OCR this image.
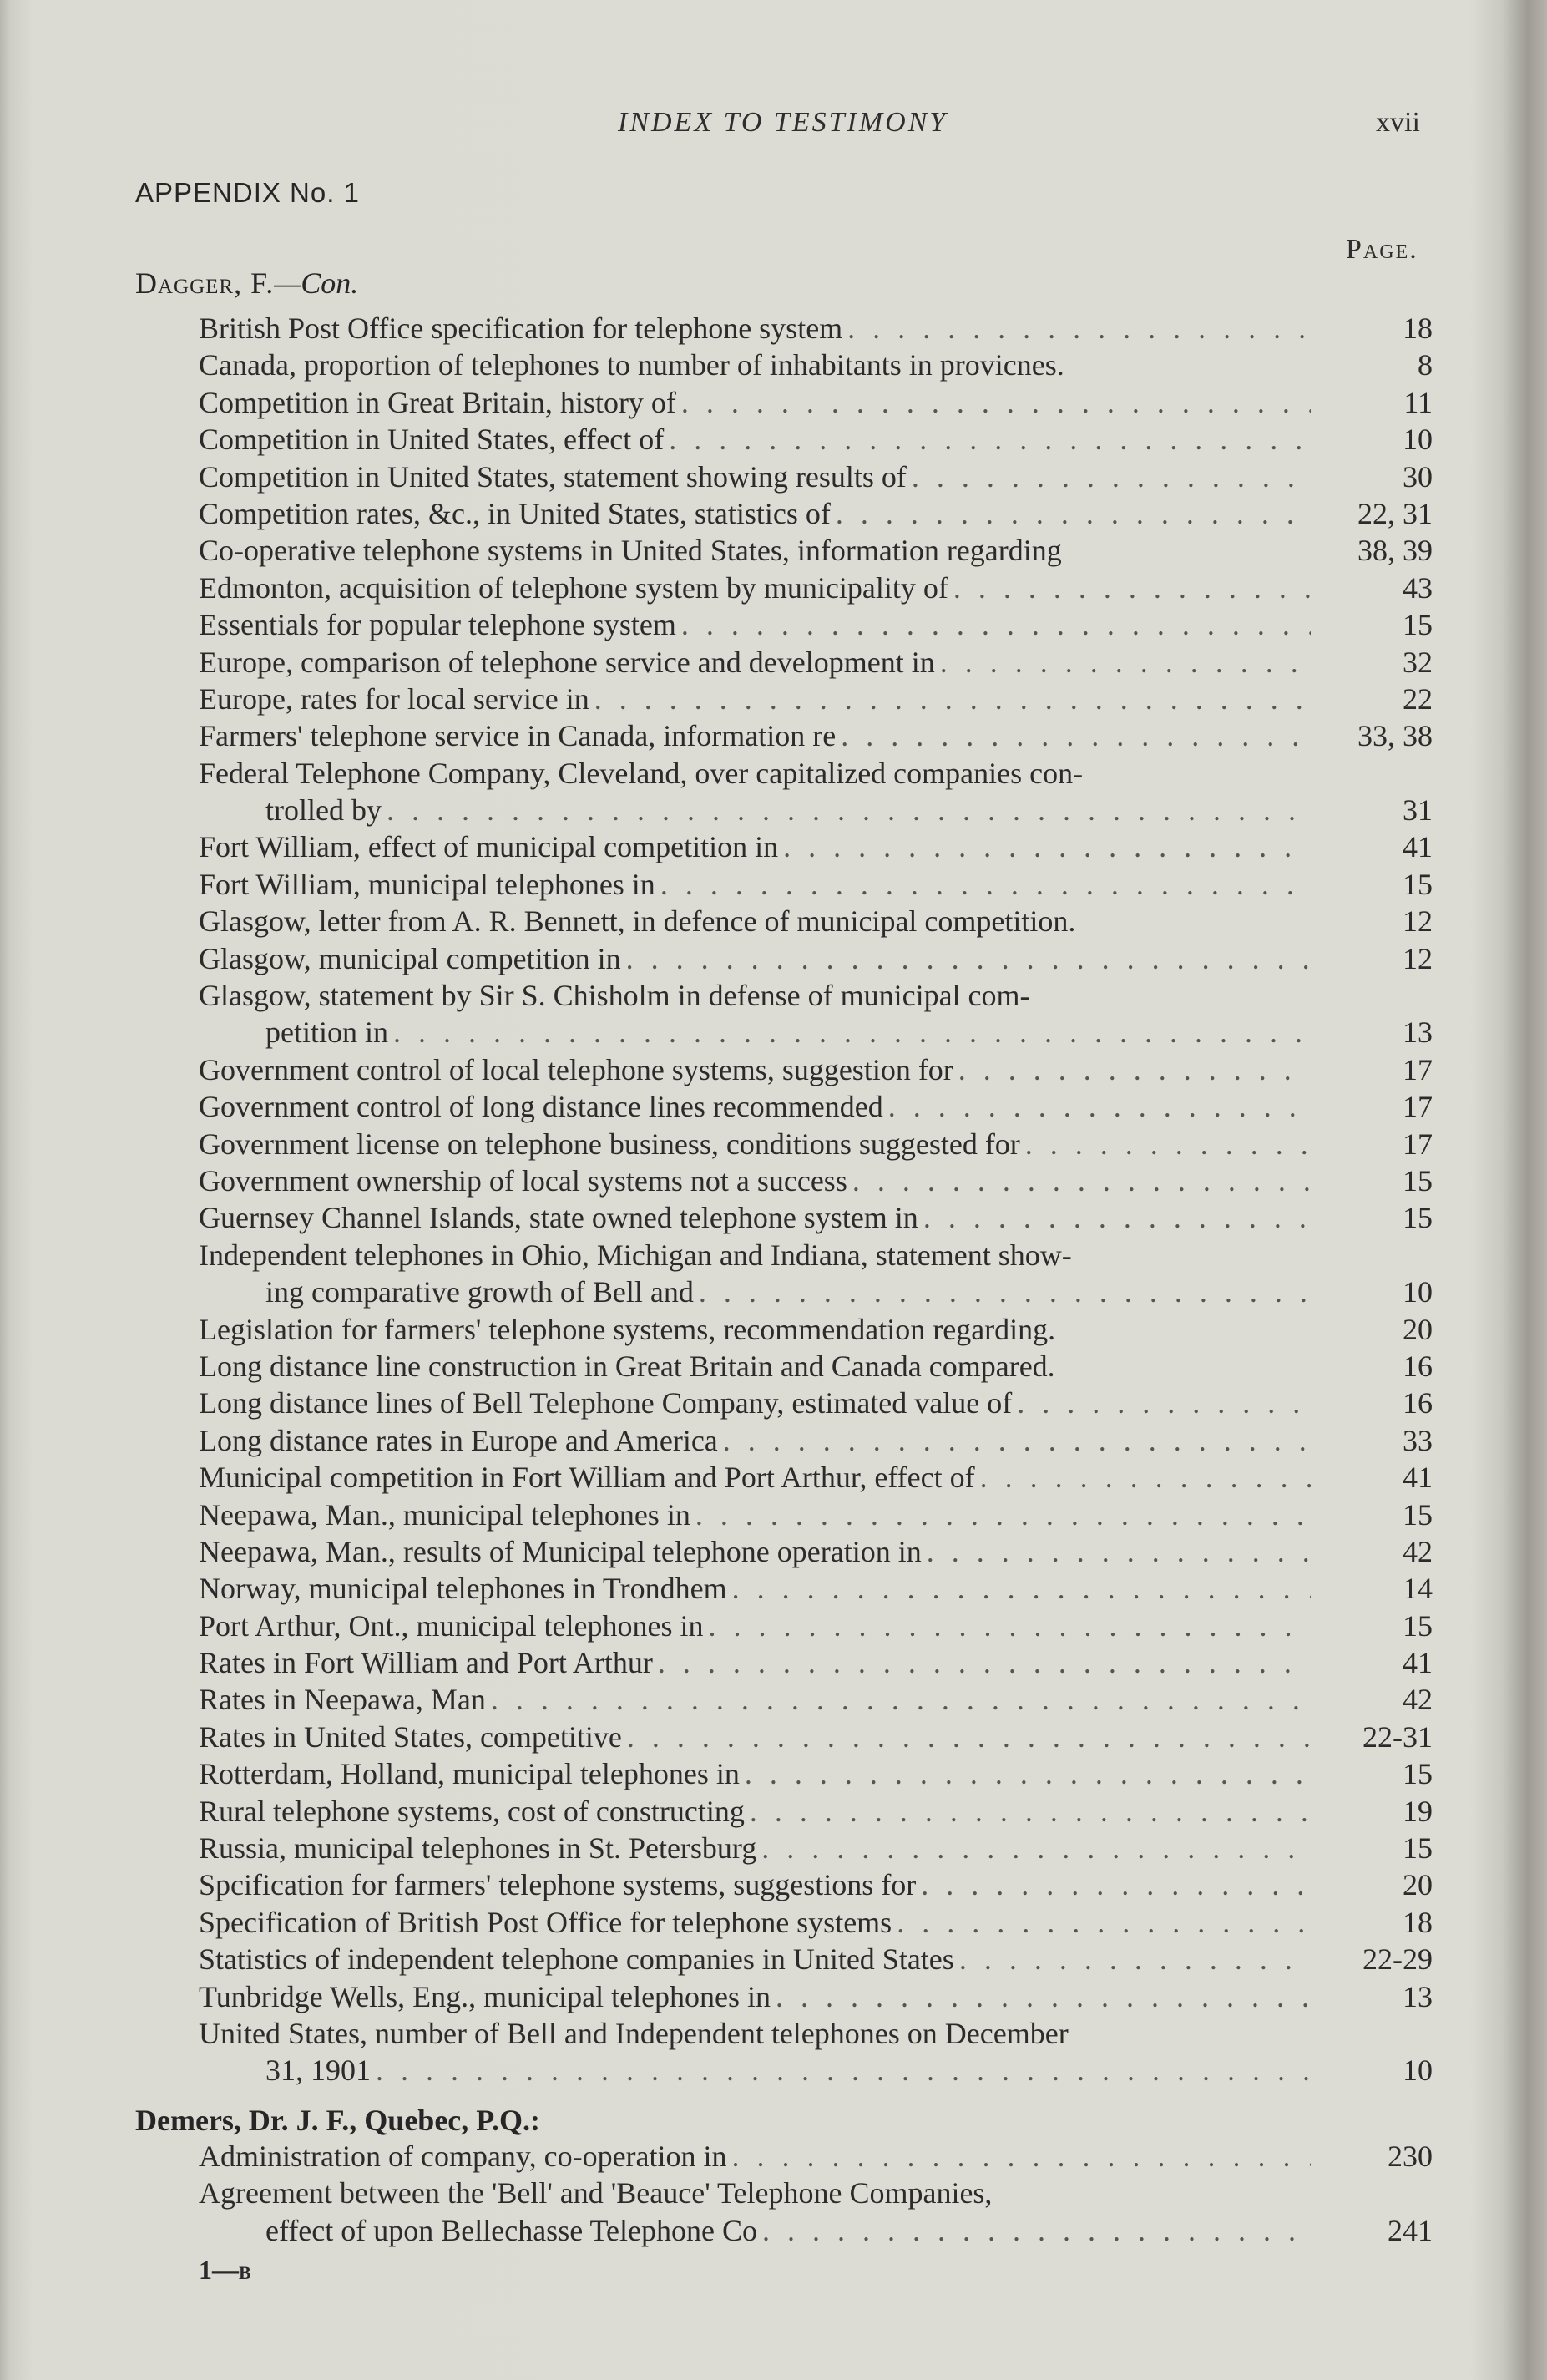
INDEX TO TESTIMONY	xvii
APPENDIX No. 1
Page.
Dagger, F.—Con.
British Post Office specification for telephone system . . .	18
Canada, proportion of telephones to number of inhabitants in provicnes.	8
Competition in Great Britain, history of . . .	11
Competition in United States, effect of . . .	10
Competition in United States, statement showing results of . . .	30
Competition rates, &c., in United States, statistics of . . .	22, 31
Co-operative telephone systems in United States, information regarding	38, 39
Edmonton, acquisition of telephone system by municipality of . . .	43
Essentials for popular telephone system . . .	15
Europe, comparison of telephone service and development in . . .	32
Europe, rates for local service in . . .	22
Farmers' telephone service in Canada, information re . . .	33, 38
Federal Telephone Company, Cleveland, over capitalized companies con-
trolled by . . .	31
Fort William, effect of municipal competition in . . .	41
Fort William, municipal telephones in . . .	15
Glasgow, letter from A. R. Bennett, in defence of municipal competition.	12
Glasgow, municipal competition in . . .	12
Glasgow, statement by Sir S. Chisholm in defense of municipal com-
petition in . . .	13
Government control of local telephone systems, suggestion for . . .	17
Government control of long distance lines recommended . . .	17
Government license on telephone business, conditions suggested for . . .	17
Government ownership of local systems not a success . . .	15
Guernsey Channel Islands, state owned telephone system in . . .	15
Independent telephones in Ohio, Michigan and Indiana, statement show-
ing comparative growth of Bell and . . .	10
Legislation for farmers' telephone systems, recommendation regarding.	20
Long distance line construction in Great Britain and Canada compared.	16
Long distance lines of Bell Telephone Company, estimated value of . . .	16
Long distance rates in Europe and America . . .	33
Municipal competition in Fort William and Port Arthur, effect of . . .	41
Neepawa, Man., municipal telephones in . . .	15
Neepawa, Man., results of Municipal telephone operation in . . .	42
Norway, municipal telephones in Trondhem . . .	14
Port Arthur, Ont., municipal telephones in . . .	15
Rates in Fort William and Port Arthur . . .	41
Rates in Neepawa, Man . . .	42
Rates in United States, competitive . . .	22-31
Rotterdam, Holland, municipal telephones in . . .	15
Rural telephone systems, cost of constructing . . .	19
Russia, municipal telephones in St. Petersburg . . .	15
Spcification for farmers' telephone systems, suggestions for . . .	20
Specification of British Post Office for telephone systems . . .	18
Statistics of independent telephone companies in United States . . .	22-29
Tunbridge Wells, Eng., municipal telephones in . . .	13
United States, number of Bell and Independent telephones on December
31, 1901 . . .	10
Demers, Dr. J. F., Quebec, P.Q.:
Administration of company, co-operation in . . .	230
Agreement between the 'Bell' and 'Beauce' Telephone Companies,
effect of upon Bellechasse Telephone Co . . .	241
1—b
